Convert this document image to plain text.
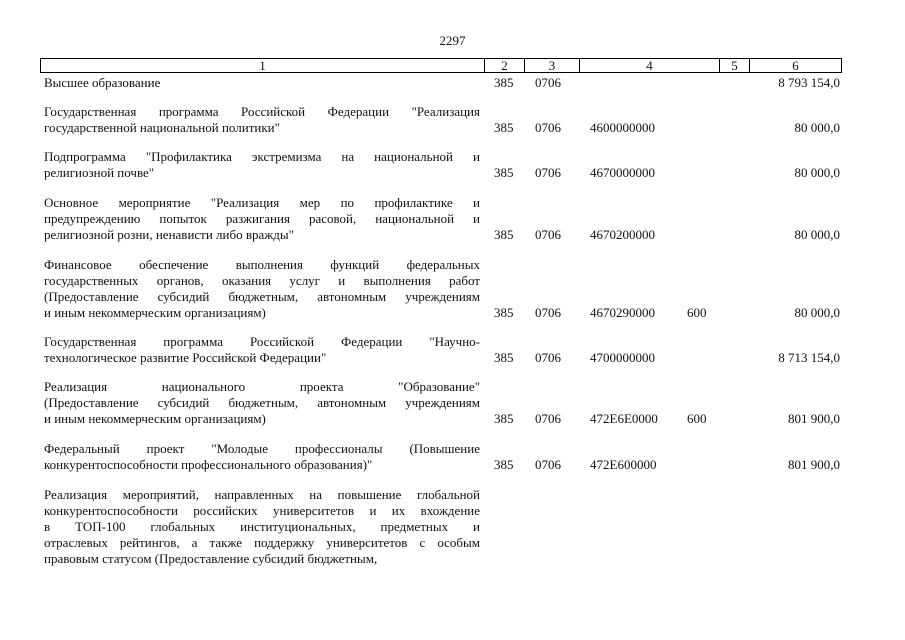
2297
1	2	3	4	5	6
Высшее образование	385 0706	8 793 154,0
Государственная программа Российской Федерации "Реализация
государственной национальной политики"	385 0706 4600000000	80 000,0
Подпрограмма "Профилактика экстремизма на национальной и
религиозной почве"	385 0706 4670000000	80 000,0
Основное мероприятие "Реализация мер по профилактике и
предупреждению попыток разжигания расовой, национальной и
религиозной розни, ненависти либо вражды"	385 0706 4670200000	80 000,0
Финансовое обеспечение выполнения функций федеральных
государственных органов, оказания услуг и выполнения работ
(Предоставление субсидий бюджетным, автономным учреждениям
и иным некоммерческим организациям)	385 0706 4670290000 600	80 000,0
Государственная программа Российской Федерации "Научно-
технологическое развитие Российской Федерации"	385 0706 4700000000	8 713 154,0
Реализация национального проекта "Образование"
(Предоставление субсидий бюджетным, автономным учреждениям
и иным некоммерческим организациям)	385 0706 472E6E0000 600	801 900,0
Федеральный проект "Молодые профессионалы (Повышение
конкурентоспособности профессионального образования)"	385 0706 472E600000	801 900,0
Реализация мероприятий, направленных на повышение глобальной
конкурентоспособности российских университетов и их вхождение
в ТОП-100 глобальных институциональных, предметных и
отраслевых рейтингов, а также поддержку университетов с особым
правовым статусом (Предоставление субсидий бюджетным,
